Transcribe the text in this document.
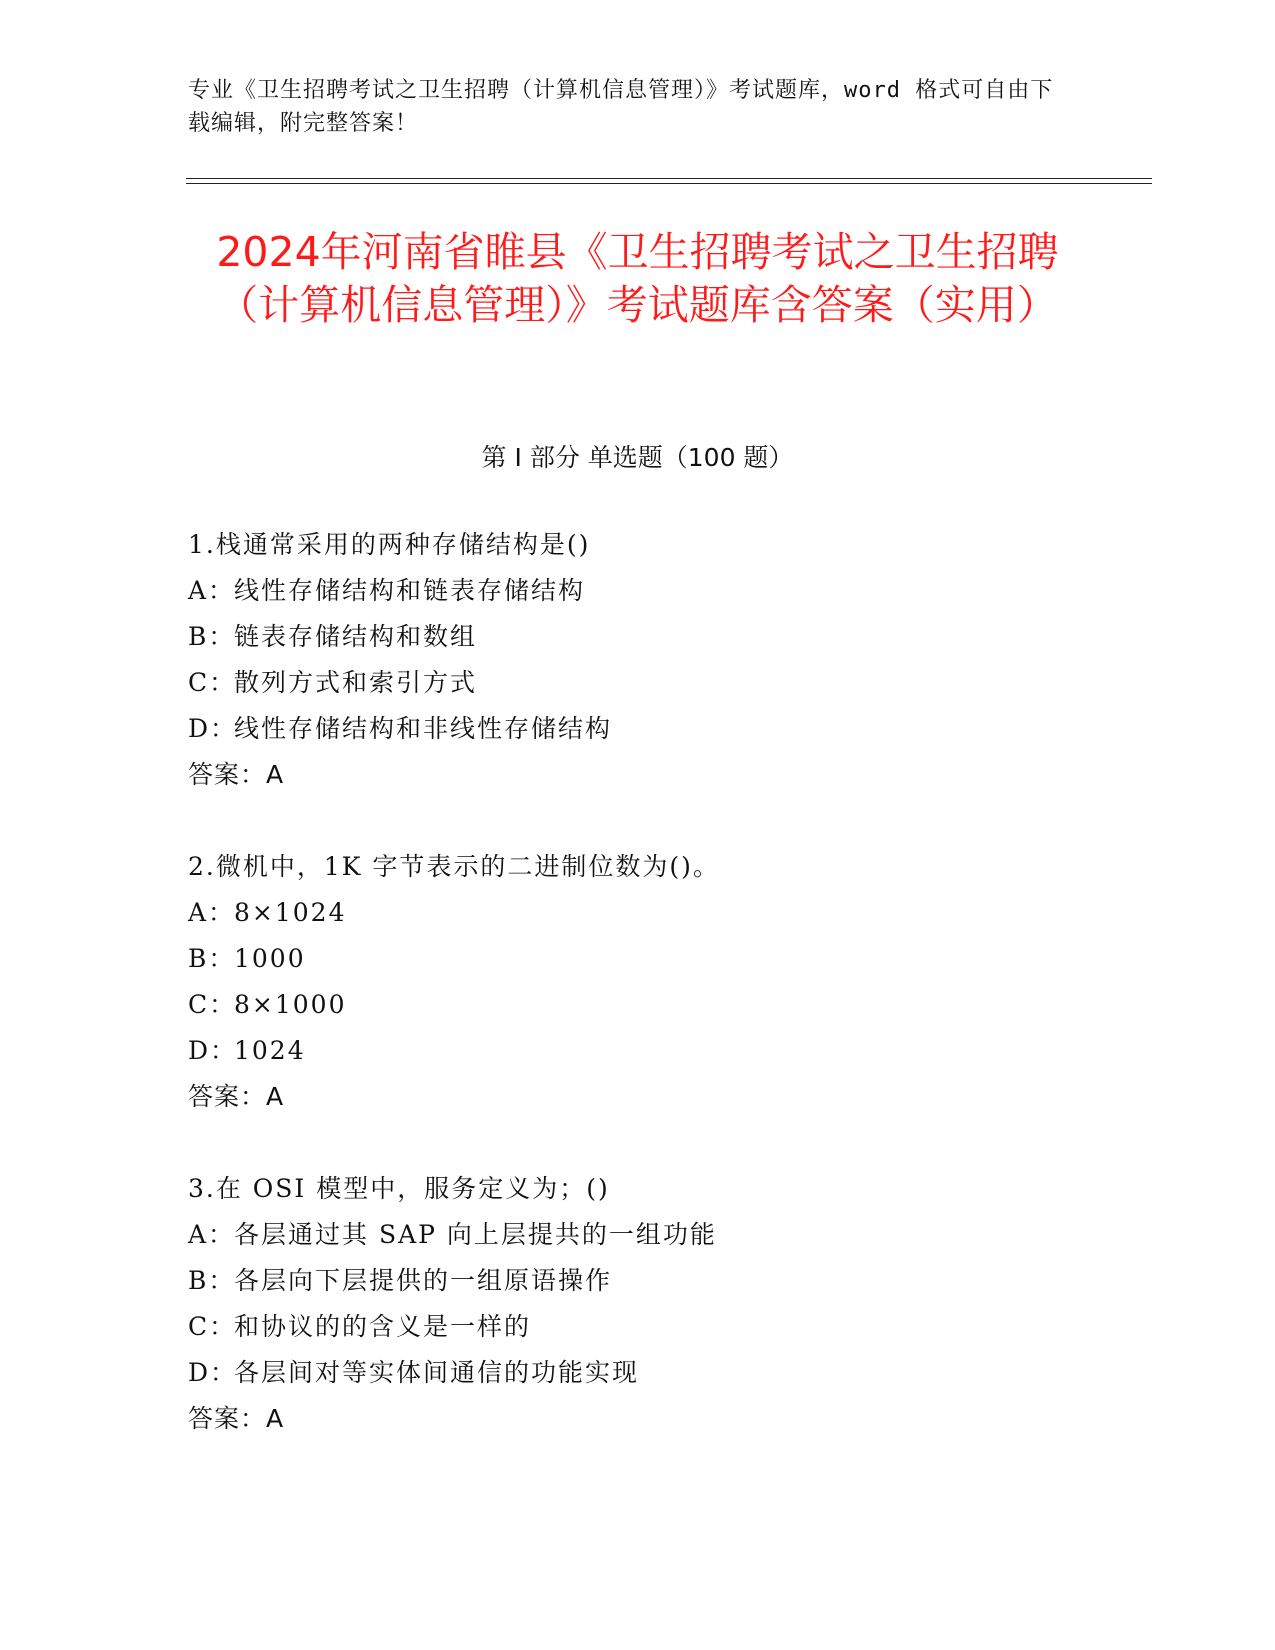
专业《卫生招聘考试之卫生招聘（计算机信息管理）》考试题库，word 格式可自由下载编辑，附完整答案！
2024年河南省睢县《卫生招聘考试之卫生招聘（计算机信息管理）》考试题库含答案（实用）
第 I 部分 单选题（100 题）
1.栈通常采用的两种存储结构是()
A：线性存储结构和链表存储结构
B：链表存储结构和数组
C：散列方式和索引方式
D：线性存储结构和非线性存储结构
答案：A
2.微机中，1K 字节表示的二进制位数为()。
A：8×1024
B：1000
C：8×1000
D：1024
答案：A
3.在 OSI 模型中，服务定义为；()
A：各层通过其 SAP 向上层提共的一组功能
B：各层向下层提供的一组原语操作
C：和协议的的含义是一样的
D：各层间对等实体间通信的功能实现
答案：A
